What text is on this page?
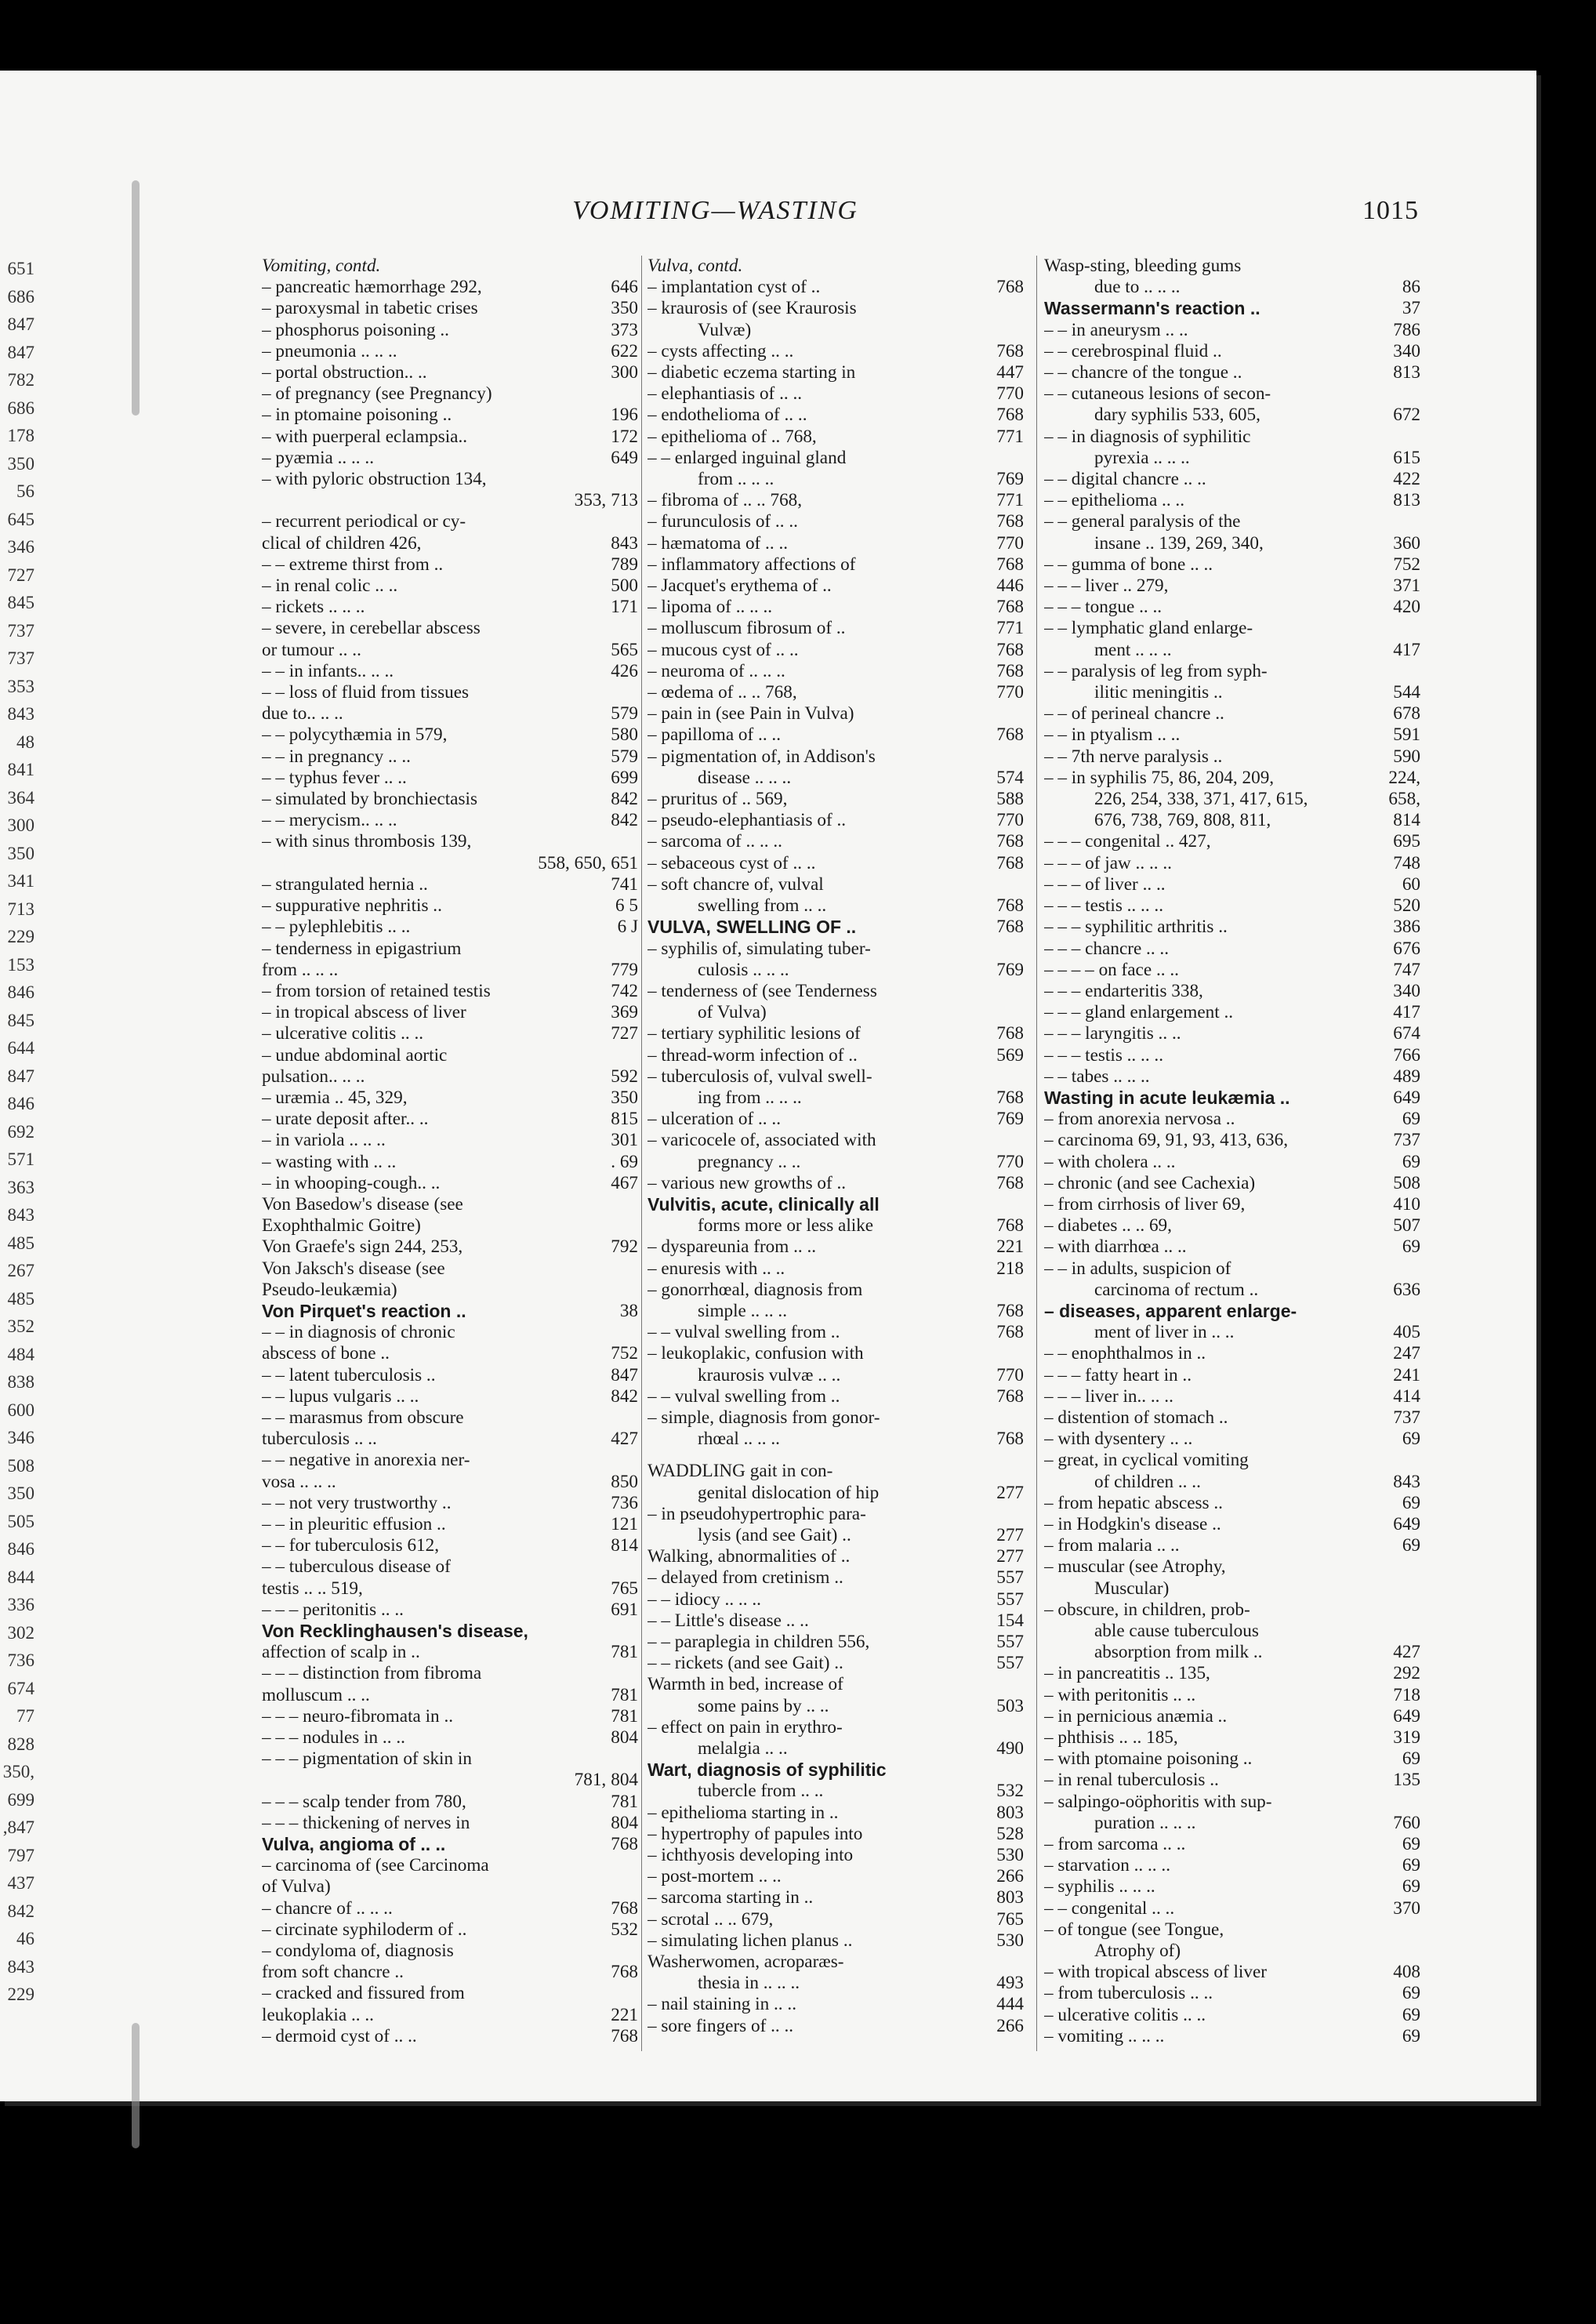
651
686
847
847
782
686
178
350
56
645
346
727
845
737
737
353
843
48
841
364
300
350
341
713
229
153
846
845
644
847
846
692
571
363
843
485
267
485
352
484
838
600
346
508
350
505
846
844
336
302
736
674
77
828
350,
699
,847
797
437
842
46
843
229
VOMITING—WASTING	1015
Vomiting, contd.
– pancreatic hæmorrhage 292,	646
– paroxysmal in tabetic crises	350
– phosphorus poisoning ..	373
– pneumonia .. .. ..	622
– portal obstruction.. ..	300
– of pregnancy (see Pregnancy)
– in ptomaine poisoning ..	196
– with puerperal eclampsia..	172
– pyæmia .. .. ..	649
– with pyloric obstruction 134,
353, 713
– recurrent periodical or cy-
clical of children 426,	843
– – extreme thirst from ..	789
– in renal colic .. ..	500
– rickets .. .. ..	171
– severe, in cerebellar abscess
or tumour .. ..	565
– – in infants.. .. ..	426
– – loss of fluid from tissues
due to.. .. ..	579
– – polycythæmia in 579,	580
– – in pregnancy .. ..	579
– – typhus fever .. ..	699
– simulated by bronchiectasis	842
– – merycism.. .. ..	842
– with sinus thrombosis 139,
558, 650, 651
– strangulated hernia ..	741
– suppurative nephritis ..	6 5
– – pylephlebitis .. ..	6 J
– tenderness in epigastrium
from .. .. ..	779
– from torsion of retained testis	742
– in tropical abscess of liver	369
– ulcerative colitis .. ..	727
– undue abdominal aortic
pulsation.. .. ..	592
– uræmia .. 45, 329,	350
– urate deposit after.. ..	815
– in variola .. .. ..	301
– wasting with .. ..	. 69
– in whooping-cough.. ..	467
Von Basedow's disease (see
Exophthalmic Goitre)
Von Graefe's sign 244, 253,	792
Von Jaksch's disease (see
Pseudo-leukæmia)
Von Pirquet's reaction ..	38
– – in diagnosis of chronic
abscess of bone ..	752
– – latent tuberculosis ..	847
– – lupus vulgaris .. ..	842
– – marasmus from obscure
tuberculosis .. ..	427
– – negative in anorexia ner-
vosa .. .. ..	850
– – not very trustworthy ..	736
– – in pleuritic effusion ..	121
– – for tuberculosis 612,	814
– – tuberculous disease of
testis .. .. 519,	765
– – – peritonitis .. ..	691
Von Recklinghausen's disease,
affection of scalp in ..	781
– – – distinction from fibroma
molluscum .. ..	781
– – – neuro-fibromata in ..	781
– – – nodules in .. ..	804
– – – pigmentation of skin in
781, 804
– – – scalp tender from 780,	781
– – – thickening of nerves in	804
Vulva, angioma of .. ..	768
– carcinoma of (see Carcinoma
of Vulva)
– chancre of .. .. ..	768
– circinate syphiloderm of ..	532
– condyloma of, diagnosis
from soft chancre ..	768
– cracked and fissured from
leukoplakia .. ..	221
– dermoid cyst of .. ..	768
Vulva, contd.
– implantation cyst of ..	768
– kraurosis of (see Kraurosis
Vulvæ)
– cysts affecting .. ..	768
– diabetic eczema starting in	447
– elephantiasis of .. ..	770
– endothelioma of .. ..	768
– epithelioma of .. 768,	771
– – enlarged inguinal gland
from .. .. ..	769
– fibroma of .. .. 768,	771
– furunculosis of .. ..	768
– hæmatoma of .. ..	770
– inflammatory affections of	768
– Jacquet's erythema of ..	446
– lipoma of .. .. ..	768
– molluscum fibrosum of ..	771
– mucous cyst of .. ..	768
– neuroma of .. .. ..	768
– œdema of .. .. 768,	770
– pain in (see Pain in Vulva)
– papilloma of .. ..	768
– pigmentation of, in Addison's
disease .. .. ..	574
– pruritus of .. 569,	588
– pseudo-elephantiasis of ..	770
– sarcoma of .. .. ..	768
– sebaceous cyst of .. ..	768
– soft chancre of, vulval
swelling from .. ..	768
VULVA, SWELLING OF ..	768
– syphilis of, simulating tuber-
culosis .. .. ..	769
– tenderness of (see Tenderness
of Vulva)
– tertiary syphilitic lesions of	768
– thread-worm infection of ..	569
– tuberculosis of, vulval swell-
ing from .. .. ..	768
– ulceration of .. ..	769
– varicocele of, associated with
pregnancy .. ..	770
– various new growths of ..	768
Vulvitis, acute, clinically all
forms more or less alike	768
– dyspareunia from .. ..	221
– enuresis with .. ..	218
– gonorrhœal, diagnosis from
simple .. .. ..	768
– – vulval swelling from ..	768
– leukoplakic, confusion with
kraurosis vulvæ .. ..	770
– – vulval swelling from ..	768
– simple, diagnosis from gonor-
rhœal .. .. ..	768
WADDLING gait in con-
genital dislocation of hip	277
– in pseudohypertrophic para-
lysis (and see Gait) ..	277
Walking, abnormalities of ..	277
– delayed from cretinism ..	557
– – idiocy .. .. ..	557
– – Little's disease .. ..	154
– – paraplegia in children 556,	557
– – rickets (and see Gait) ..	557
Warmth in bed, increase of
some pains by .. ..	503
– effect on pain in erythro-
melalgia .. ..	490
Wart, diagnosis of syphilitic
tubercle from .. ..	532
– epithelioma starting in ..	803
– hypertrophy of papules into	528
– ichthyosis developing into	530
– post-mortem .. ..	266
– sarcoma starting in ..	803
– scrotal .. .. 679,	765
– simulating lichen planus ..	530
Washerwomen, acroparæs-
thesia in .. .. ..	493
– nail staining in .. ..	444
– sore fingers of .. ..	266
Wasp-sting, bleeding gums
due to .. .. ..	86
Wassermann's reaction ..	37
– – in aneurysm .. ..	786
– – cerebrospinal fluid ..	340
– – chancre of the tongue ..	813
– – cutaneous lesions of secon-
dary syphilis 533, 605,	672
– – in diagnosis of syphilitic
pyrexia .. .. ..	615
– – digital chancre .. ..	422
– – epithelioma .. ..	813
– – general paralysis of the
insane .. 139, 269, 340,	360
– – gumma of bone .. ..	752
– – – liver .. 279,	371
– – – tongue .. ..	420
– – lymphatic gland enlarge-
ment .. .. ..	417
– – paralysis of leg from syph-
ilitic meningitis ..	544
– – of perineal chancre ..	678
– – in ptyalism .. ..	591
– – 7th nerve paralysis ..	590
– – in syphilis 75, 86, 204, 209,	224,
226, 254, 338, 371, 417, 615,	658,
676, 738, 769, 808, 811,	814
– – – congenital .. 427,	695
– – – of jaw .. .. ..	748
– – – of liver .. ..	60
– – – testis .. .. ..	520
– – – syphilitic arthritis ..	386
– – – chancre .. ..	676
– – – – on face .. ..	747
– – – endarteritis 338,	340
– – – gland enlargement ..	417
– – – laryngitis .. ..	674
– – – testis .. .. ..	766
– – tabes .. .. ..	489
Wasting in acute leukæmia ..	649
– from anorexia nervosa ..	69
– carcinoma 69, 91, 93, 413, 636,	737
– with cholera .. ..	69
– chronic (and see Cachexia)	508
– from cirrhosis of liver 69,	410
– diabetes .. .. 69,	507
– with diarrhœa .. ..	69
– – in adults, suspicion of
carcinoma of rectum ..	636
– diseases, apparent enlarge-
ment of liver in .. ..	405
– – enophthalmos in ..	247
– – – fatty heart in ..	241
– – – liver in.. .. ..	414
– distention of stomach ..	737
– with dysentery .. ..	69
– great, in cyclical vomiting
of children .. ..	843
– from hepatic abscess ..	69
– in Hodgkin's disease ..	649
– from malaria .. ..	69
– muscular (see Atrophy,
Muscular)
– obscure, in children, prob-
able cause tuberculous
absorption from milk ..	427
– in pancreatitis .. 135,	292
– with peritonitis .. ..	718
– in pernicious anæmia ..	649
– phthisis .. .. 185,	319
– with ptomaine poisoning ..	69
– in renal tuberculosis ..	135
– salpingo-oöphoritis with sup-
puration .. .. ..	760
– from sarcoma .. ..	69
– starvation .. .. ..	69
– syphilis .. .. ..	69
– – congenital .. ..	370
– of tongue (see Tongue,
Atrophy of)
– with tropical abscess of liver	408
– from tuberculosis .. ..	69
– ulcerative colitis .. ..	69
– vomiting .. .. ..	69
